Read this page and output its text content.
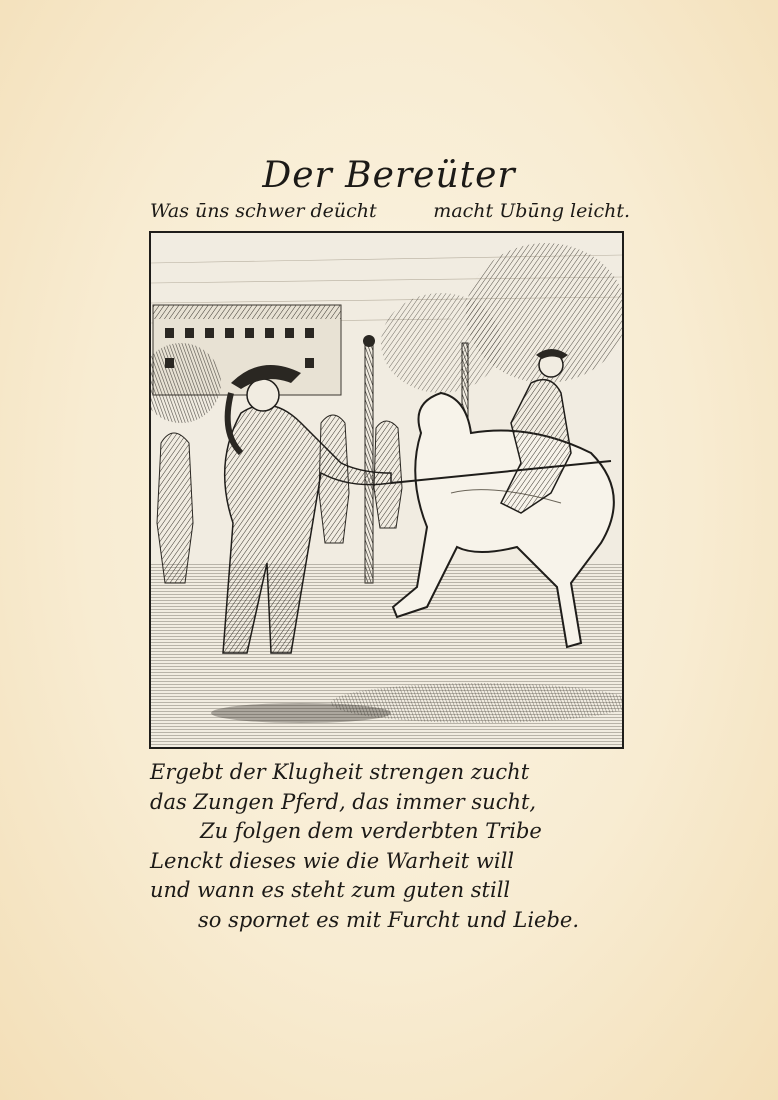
Der Bereüter
Was ūns schwer deücht	macht Ubūng leicht.
Ergebt der Klugheit strengen zucht
das Zungen Pferd, das immer sucht,
Zu folgen dem verderbten Tribe
Lenckt dieses wie die Warheit will
und wann es steht zum guten still
so spornet es mit Furcht und Liebe.
